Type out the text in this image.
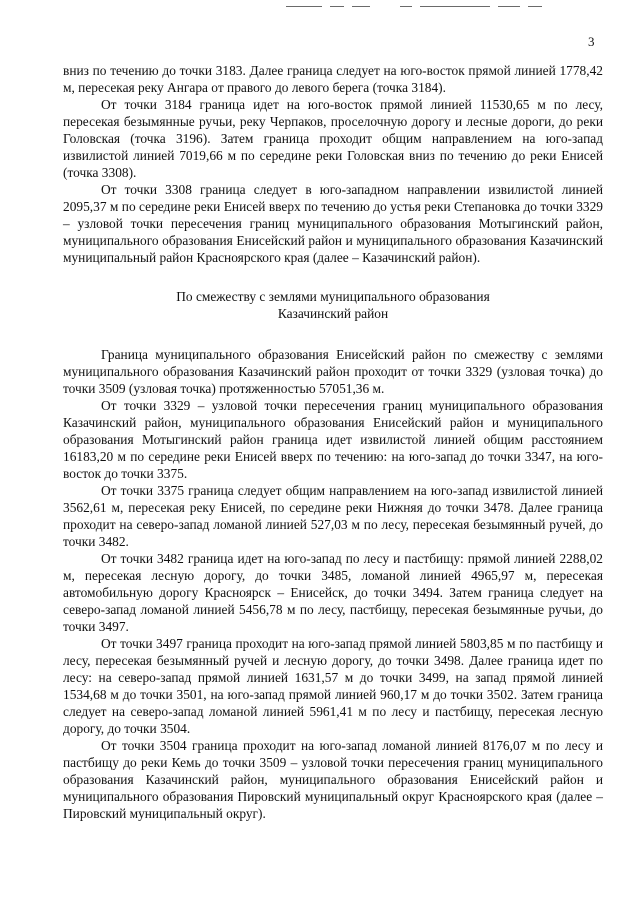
3

вниз по течению до точки 3183. Далее граница следует на юго-восток прямой линией 1778,42 м, пересекая реку Ангара от правого до левого берега (точка 3184).

От точки 3184 граница идет на юго-восток прямой линией 11530,65 м по лесу, пересекая безымянные ручьи, реку Черпаков, проселочную дорогу и лесные дороги, до реки Головская (точка 3196). Затем граница проходит общим направлением на юго-запад извилистой линией 7019,66 м по середине реки Головская вниз по течению до реки Енисей (точка 3308).

От точки 3308 граница следует в юго-западном направлении извилистой линией 2095,37 м по середине реки Енисей вверх по течению до устья реки Степановка до точки 3329 – узловой точки пересечения границ муниципального образования Мотыгинский район, муниципального образования Енисейский район и муниципального образования Казачинский муниципальный район Красноярского края (далее – Казачинский район).

По смежеству с землями муниципального образования
Казачинский район

Граница муниципального образования Енисейский район по смежеству с землями муниципального образования Казачинский район проходит от точки 3329 (узловая точка) до точки 3509 (узловая точка) протяженностью 57051,36 м.

От точки 3329 – узловой точки пересечения границ муниципального образования Казачинский район, муниципального образования Енисейский район и муниципального образования Мотыгинский район граница идет извилистой линией общим расстоянием 16183,20 м по середине реки Енисей вверх по течению: на юго-запад до точки 3347, на юго-восток до точки 3375.

От точки 3375 граница следует общим направлением на юго-запад извилистой линией 3562,61 м, пересекая реку Енисей, по середине реки Нижняя до точки 3478. Далее граница проходит на северо-запад ломаной линией 527,03 м по лесу, пересекая безымянный ручей, до точки 3482.

От точки 3482 граница идет на юго-запад по лесу и пастбищу: прямой линией 2288,02 м, пересекая лесную дорогу, до точки 3485, ломаной линией 4965,97 м, пересекая автомобильную дорогу Красноярск – Енисейск, до точки 3494. Затем граница следует на северо-запад ломаной линией 5456,78 м по лесу, пастбищу, пересекая безымянные ручьи, до точки 3497.

От точки 3497 граница проходит на юго-запад прямой линией 5803,85 м по пастбищу и лесу, пересекая безымянный ручей и лесную дорогу, до точки 3498. Далее граница идет по лесу: на северо-запад прямой линией 1631,57 м до точки 3499, на запад прямой линией 1534,68 м до точки 3501, на юго-запад прямой линией 960,17 м до точки 3502. Затем граница следует на северо-запад ломаной линией 5961,41 м по лесу и пастбищу, пересекая лесную дорогу, до точки 3504.

От точки 3504 граница проходит на юго-запад ломаной линией 8176,07 м по лесу и пастбищу до реки Кемь до точки 3509 – узловой точки пересечения границ муниципального образования Казачинский район, муниципального образования Енисейский район и муниципального образования Пировский муниципальный округ Красноярского края (далее – Пировский муниципальный округ).
